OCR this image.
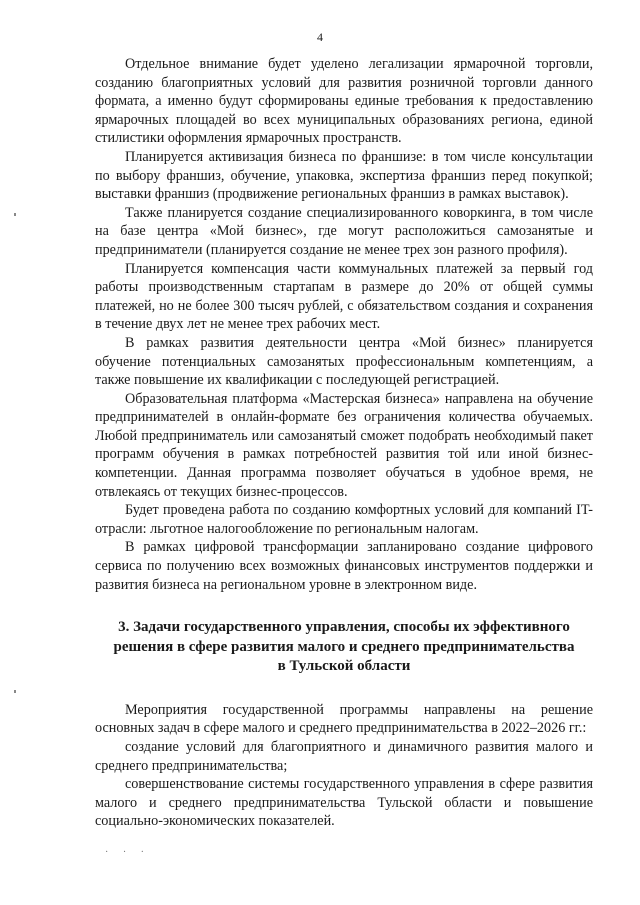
4

Отдельное внимание будет уделено легализации ярмарочной торговли, созданию благоприятных условий для развития розничной торговли данного формата, а именно будут сформированы единые требования к предоставлению ярмарочных площадей во всех муниципальных образованиях региона, единой стилистики оформления ярмарочных пространств.

Планируется активизация бизнеса по франшизе: в том числе консультации по выбору франшиз, обучение, упаковка, экспертиза франшиз перед покупкой; выставки франшиз (продвижение региональных франшиз в рамках выставок).

Также планируется создание специализированного коворкинга, в том числе на базе центра «Мой бизнес», где могут расположиться самозанятые и предприниматели (планируется создание не менее трех зон разного профиля).

Планируется компенсация части коммунальных платежей за первый год работы производственным стартапам в размере до 20% от общей суммы платежей, но не более 300 тысяч рублей, с обязательством создания и сохранения в течение двух лет не менее трех рабочих мест.

В рамках развития деятельности центра «Мой бизнес» планируется обучение потенциальных самозанятых профессиональным компетенциям, а также повышение их квалификации с последующей регистрацией.

Образовательная платформа «Мастерская бизнеса» направлена на обучение предпринимателей в онлайн-формате без ограничения количества обучаемых. Любой предприниматель или самозанятый сможет подобрать необходимый пакет программ обучения в рамках потребностей развития той или иной бизнес-компетенции. Данная программа позволяет обучаться в удобное время, не отвлекаясь от текущих бизнес-процессов.

Будет проведена работа по созданию комфортных условий для компаний IT-отрасли: льготное налогообложение по региональным налогам.

В рамках цифровой трансформации запланировано создание цифрового сервиса по получению всех возможных финансовых инструментов поддержки и развития бизнеса на региональном уровне в электронном виде.

3. Задачи государственного управления, способы их эффективного
решения в сфере развития малого и среднего предпринимательства
в Тульской области

Мероприятия государственной программы направлены на решение основных задач в сфере малого и среднего предпринимательства в 2022–2026 гг.:

создание условий для благоприятного и динамичного развития малого и среднего предпринимательства;

совершенствование системы государственного управления в сфере развития малого и среднего предпринимательства Тульской области и повышение социально-экономических показателей.

· · ·
